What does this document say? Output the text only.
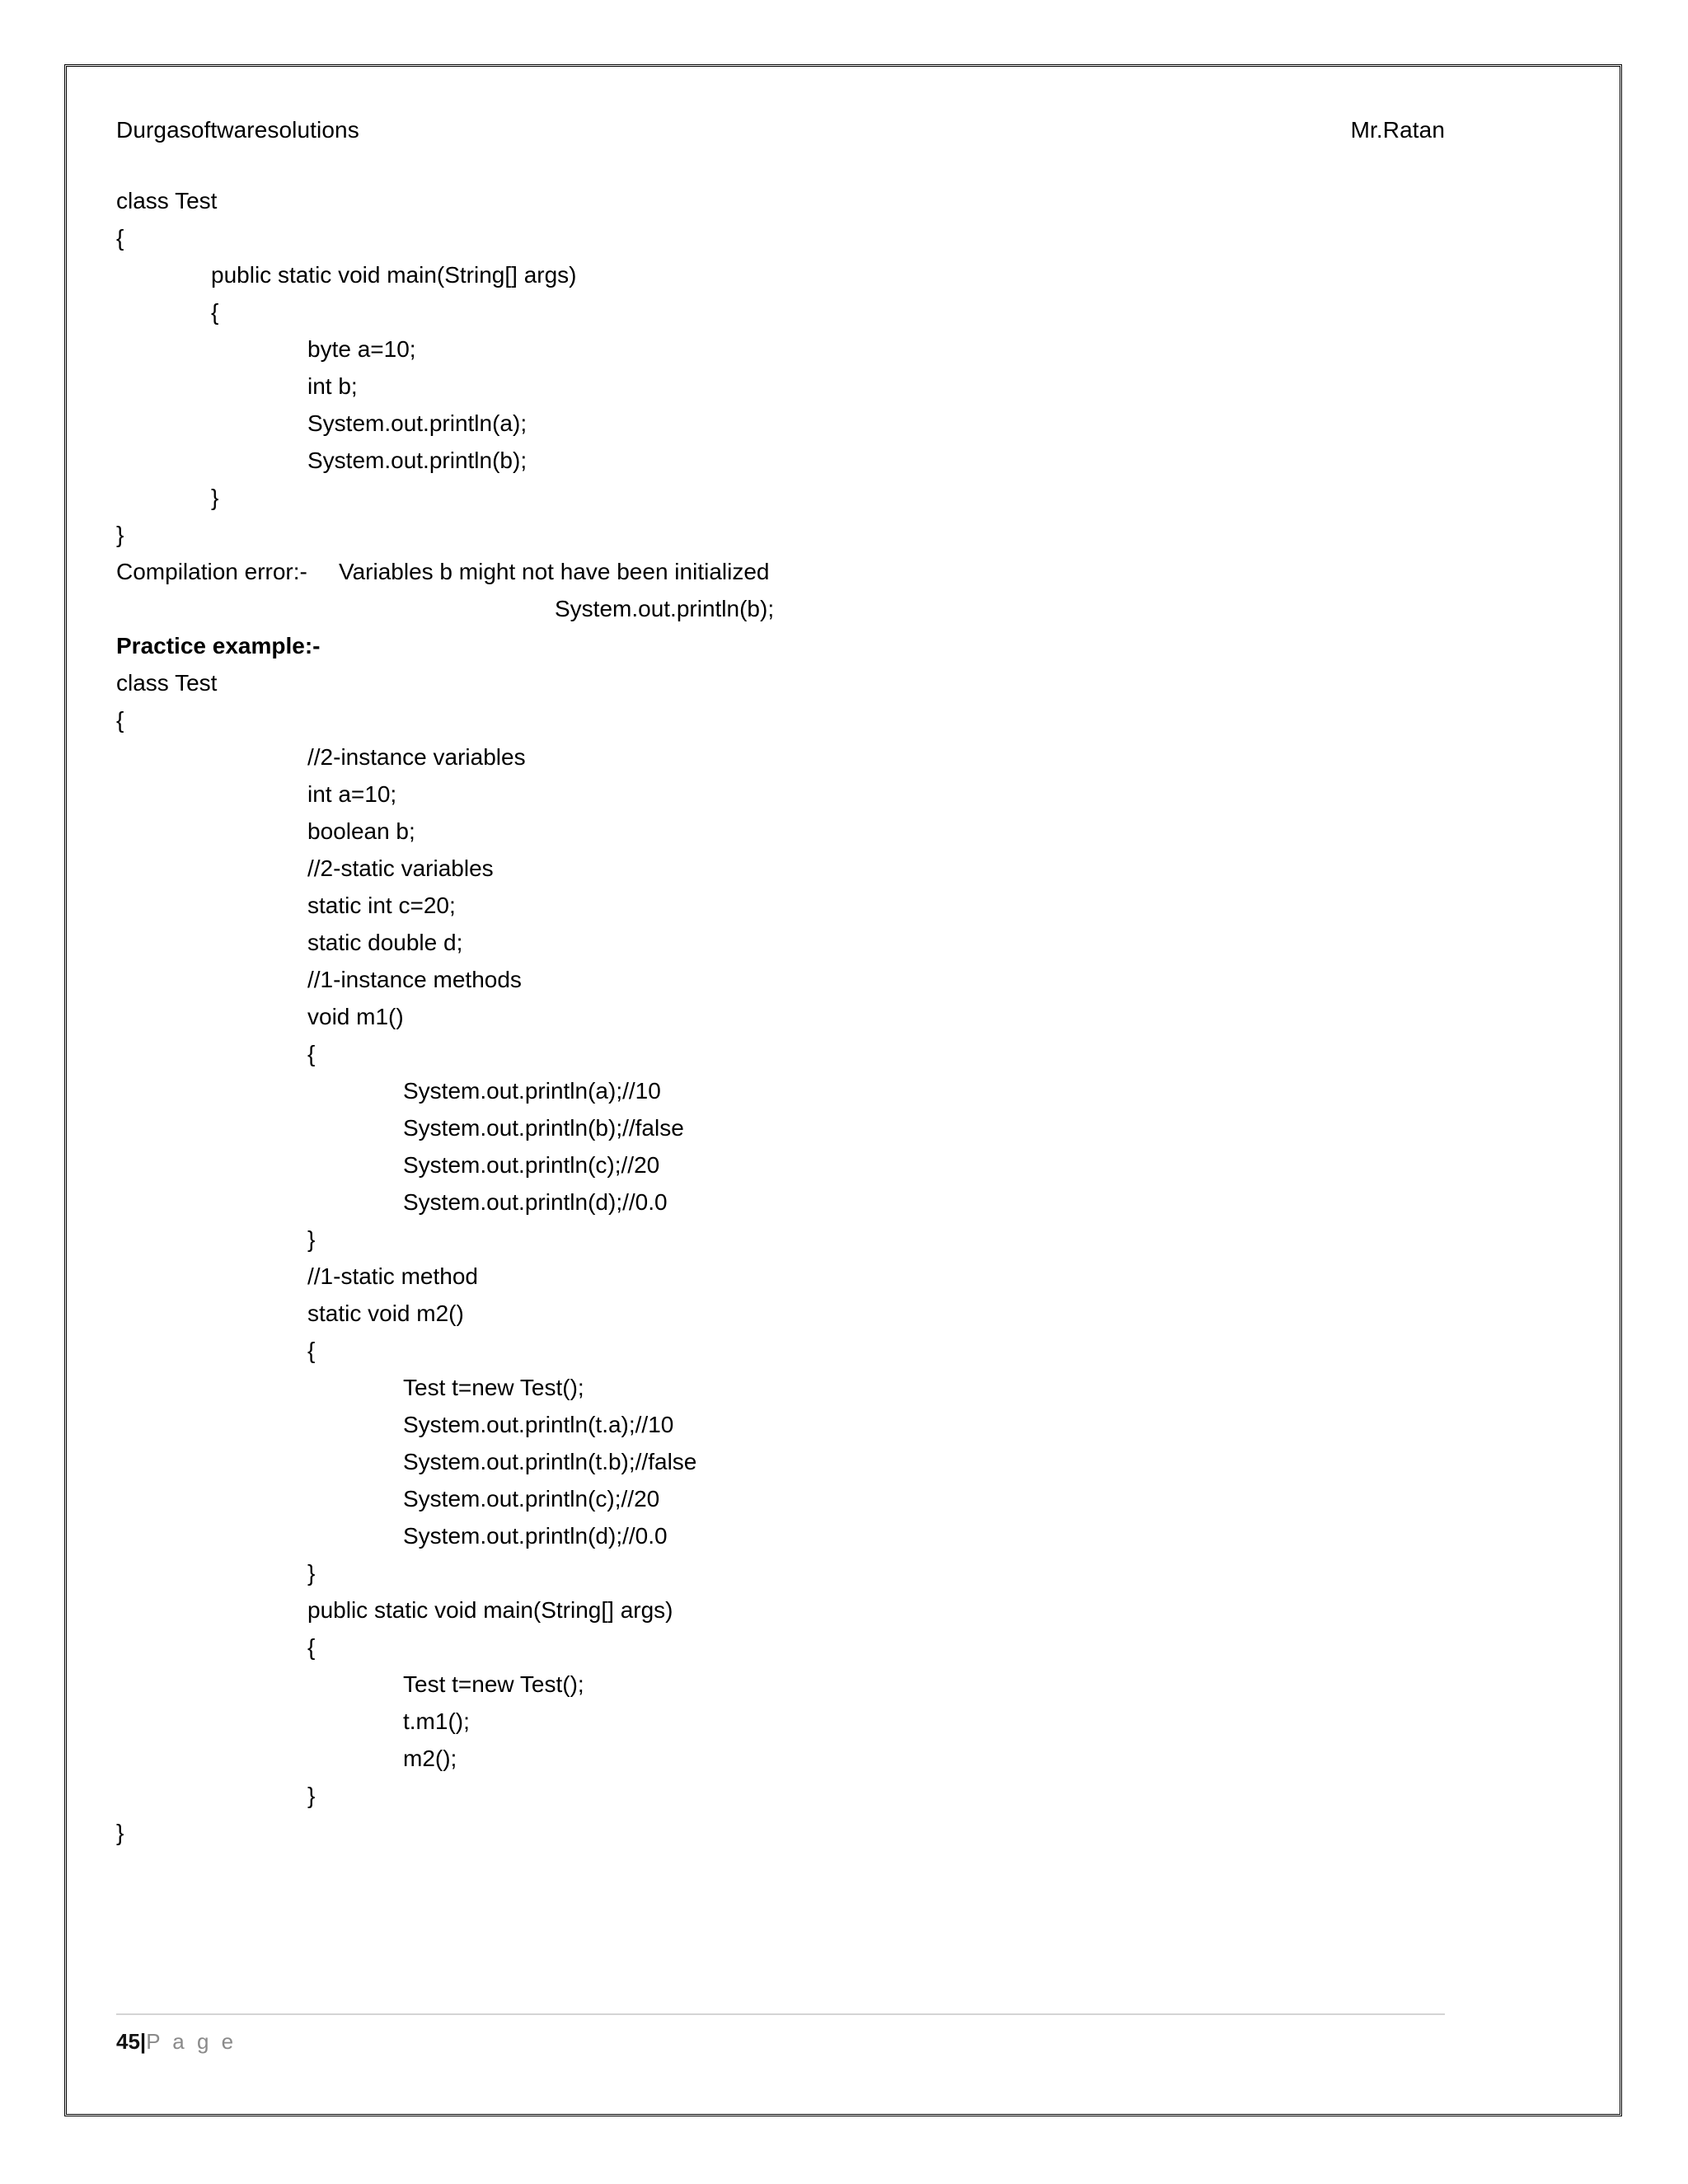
Durgasoftwaresolutions	Mr.Ratan
class Test
{
public static void main(String[] args)
{
byte a=10;
int b;
System.out.println(a);
System.out.println(b);
}
}
Compilation error:-	Variables b might not have been initialized
System.out.println(b);
Practice example:-
class Test
{
//2-instance variables
int a=10;
boolean b;
//2-static variables
static int c=20;
static double d;
//1-instance methods
void m1()
{
System.out.println(a);//10
System.out.println(b);//false
System.out.println(c);//20
System.out.println(d);//0.0
}
//1-static method
static void m2()
{
Test t=new Test();
System.out.println(t.a);//10
System.out.println(t.b);//false
System.out.println(c);//20
System.out.println(d);//0.0
}
public static void main(String[] args)
{
Test t=new Test();
t.m1();
m2();
}
}
45|P a g e
